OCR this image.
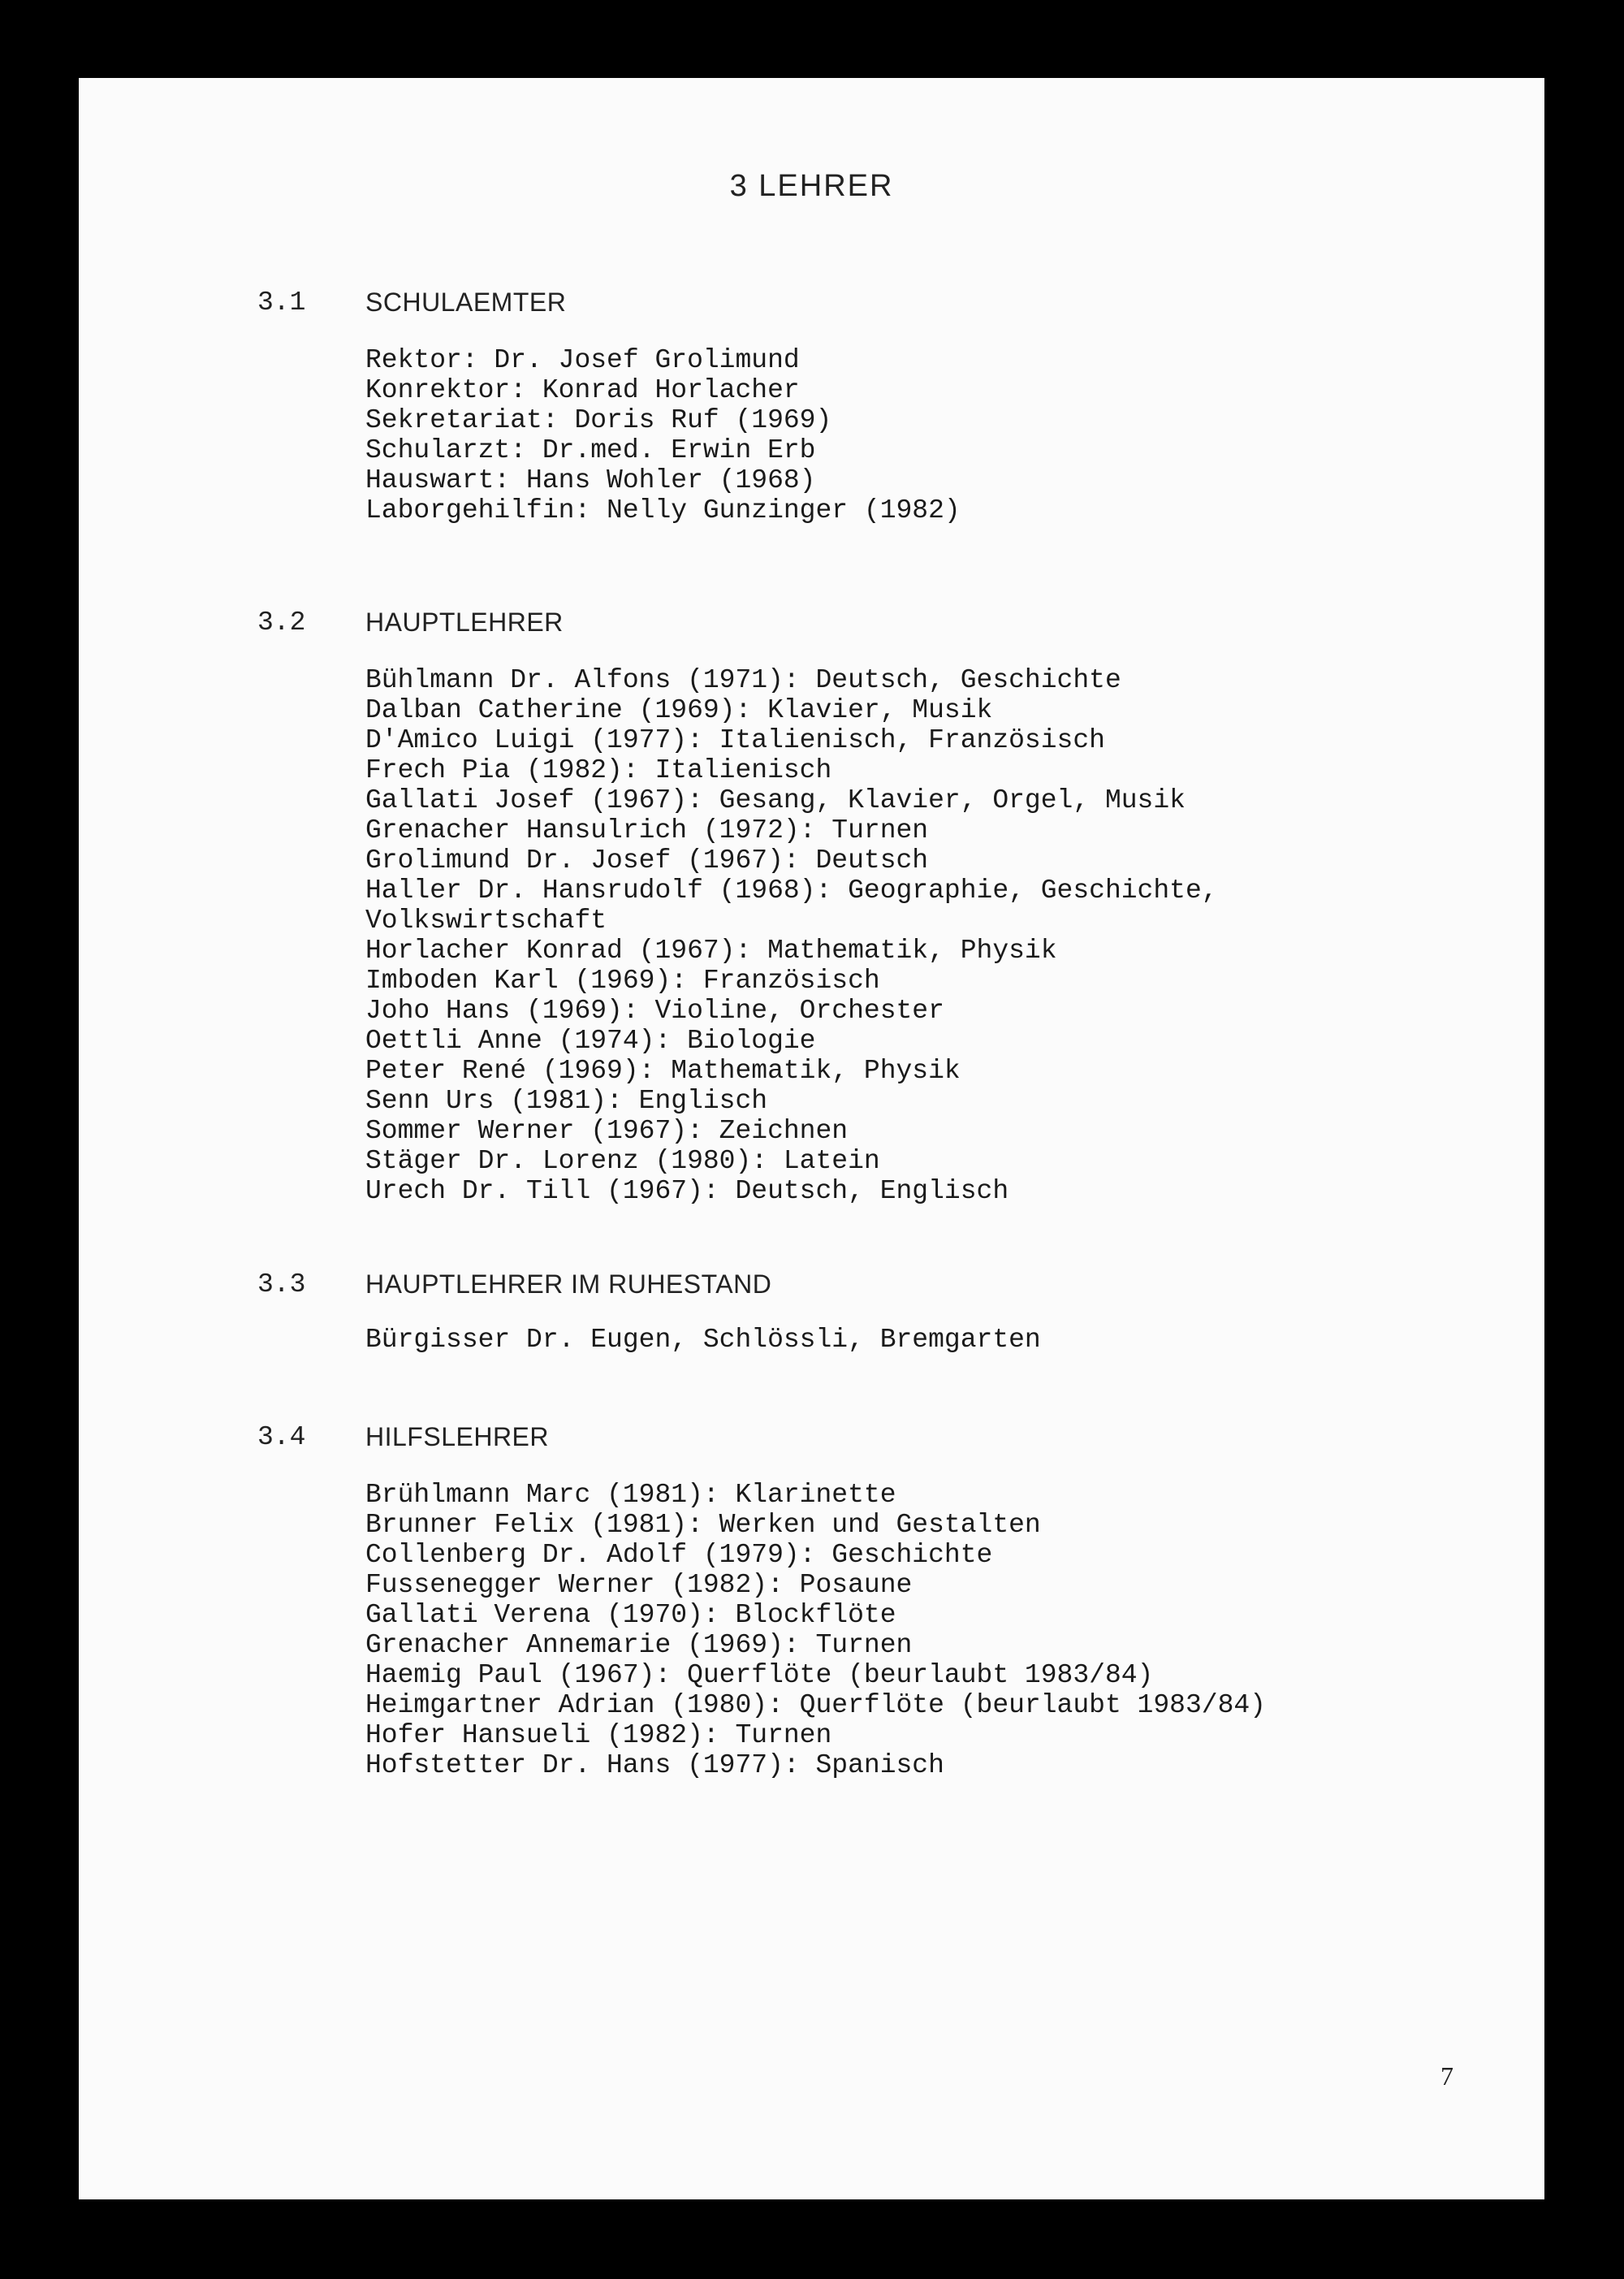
3 LEHRER
3.1 SCHULAEMTER
Rektor: Dr. Josef Grolimund
Konrektor: Konrad Horlacher
Sekretariat: Doris Ruf (1969)
Schularzt: Dr.med. Erwin Erb
Hauswart: Hans Wohler (1968)
Laborgehilfin: Nelly Gunzinger (1982)
3.2 HAUPTLEHRER
Bühlmann Dr. Alfons (1971): Deutsch, Geschichte
Dalban Catherine (1969): Klavier, Musik
D'Amico Luigi (1977): Italienisch, Französisch
Frech Pia (1982): Italienisch
Gallati Josef (1967): Gesang, Klavier, Orgel, Musik
Grenacher Hansulrich (1972): Turnen
Grolimund Dr. Josef (1967): Deutsch
Haller Dr. Hansrudolf (1968): Geographie, Geschichte,
Volkswirtschaft
Horlacher Konrad (1967): Mathematik, Physik
Imboden Karl (1969): Französisch
Joho Hans (1969): Violine, Orchester
Oettli Anne (1974): Biologie
Peter René (1969): Mathematik, Physik
Senn Urs (1981): Englisch
Sommer Werner (1967): Zeichnen
Stäger Dr. Lorenz (1980): Latein
Urech Dr. Till (1967): Deutsch, Englisch
3.3 HAUPTLEHRER IM RUHESTAND
Bürgisser Dr. Eugen, Schlössli, Bremgarten
3.4 HILFSLEHRER
Brühlmann Marc (1981): Klarinette
Brunner Felix (1981): Werken und Gestalten
Collenberg Dr. Adolf (1979): Geschichte
Fussenegger Werner (1982): Posaune
Gallati Verena (1970): Blockflöte
Grenacher Annemarie (1969): Turnen
Haemig Paul (1967): Querflöte (beurlaubt 1983/84)
Heimgartner Adrian (1980): Querflöte (beurlaubt 1983/84)
Hofer Hansueli (1982): Turnen
Hofstetter Dr. Hans (1977): Spanisch
7
